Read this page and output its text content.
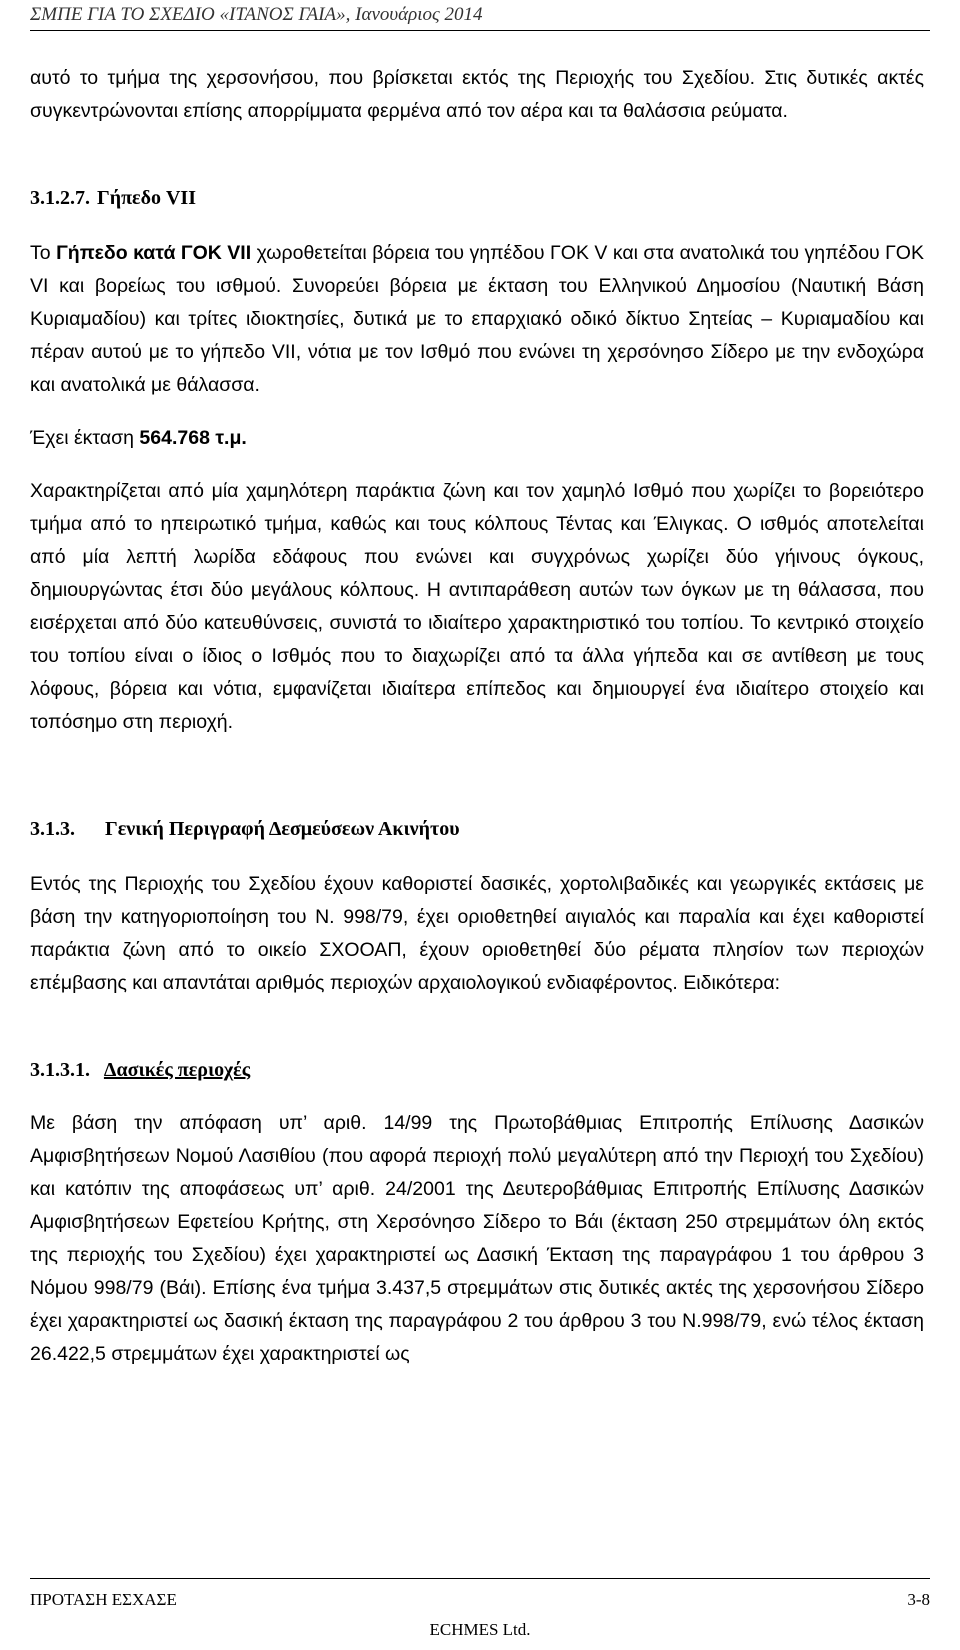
ΣΜΠΕ ΓΙΑ ΤΟ ΣΧΕΔΙΟ «ΙΤΑΝΟΣ ΓΑΙΑ», Ιανουάριος 2014

αυτό το τμήμα της χερσονήσου, που βρίσκεται εκτός της Περιοχής του Σχεδίου. Στις δυτικές ακτές συγκεντρώνονται επίσης απορρίμματα φερμένα από τον αέρα και τα θαλάσσια ρεύματα.

3.1.2.7. Γήπεδο VII

Το Γήπεδο κατά ΓΟΚ VII χωροθετείται βόρεια του γηπέδου ΓΟΚ V και στα ανατολικά του γηπέδου ΓΟΚ VI και βορείως του ισθμού. Συνορεύει βόρεια με έκταση του Ελληνικού Δημοσίου (Ναυτική Βάση Κυριαμαδίου) και τρίτες ιδιοκτησίες, δυτικά με το επαρχιακό οδικό δίκτυο Σητείας – Κυριαμαδίου και πέραν αυτού με το γήπεδο VII, νότια με τον Ισθμό που ενώνει τη χερσόνησο Σίδερο με την ενδοχώρα και ανατολικά με θάλασσα.

Έχει έκταση 564.768 τ.μ.

Χαρακτηρίζεται από μία χαμηλότερη παράκτια ζώνη και τον χαμηλό Ισθμό που χωρίζει το βορειότερο τμήμα από το ηπειρωτικό τμήμα, καθώς και τους κόλπους Τέντας και Έλιγκας. Ο ισθμός αποτελείται από μία λεπτή λωρίδα εδάφους που ενώνει και συγχρόνως χωρίζει δύο γήινους όγκους, δημιουργώντας έτσι δύο μεγάλους κόλπους. Η αντιπαράθεση αυτών των όγκων με τη θάλασσα, που εισέρχεται από δύο κατευθύνσεις, συνιστά το ιδιαίτερο χαρακτηριστικό του τοπίου. Το κεντρικό στοιχείο του τοπίου είναι ο ίδιος ο Ισθμός που το διαχωρίζει από τα άλλα γήπεδα και σε αντίθεση με τους λόφους, βόρεια και νότια, εμφανίζεται ιδιαίτερα επίπεδος και δημιουργεί ένα ιδιαίτερο στοιχείο και τοπόσημο στη περιοχή.

3.1.3. Γενική Περιγραφή Δεσμεύσεων Ακινήτου

Εντός της Περιοχής του Σχεδίου έχουν καθοριστεί δασικές, χορτολιβαδικές και γεωργικές εκτάσεις με βάση την κατηγοριοποίηση του Ν. 998/79, έχει οριοθετηθεί αιγιαλός και παραλία και έχει καθοριστεί παράκτια ζώνη από το οικείο ΣΧΟΟΑΠ, έχουν οριοθετηθεί δύο ρέματα πλησίον των περιοχών επέμβασης και απαντάται αριθμός περιοχών αρχαιολογικού ενδιαφέροντος. Ειδικότερα:

3.1.3.1. Δασικές περιοχές

Με βάση την απόφαση υπ’ αριθ. 14/99 της Πρωτοβάθμιας Επιτροπής Επίλυσης Δασικών Αμφισβητήσεων Νομού Λασιθίου (που αφορά περιοχή πολύ μεγαλύτερη από την Περιοχή του Σχεδίου) και κατόπιν της αποφάσεως υπ’ αριθ. 24/2001 της Δευτεροβάθμιας Επιτροπής Επίλυσης Δασικών Αμφισβητήσεων Εφετείου Κρήτης, στη Χερσόνησο Σίδερο το Βάι (έκταση 250 στρεμμάτων όλη εκτός της περιοχής του Σχεδίου) έχει χαρακτηριστεί ως Δασική Έκταση της παραγράφου 1 του άρθρου 3 Νόμου 998/79 (Βάι). Επίσης ένα τμήμα 3.437,5 στρεμμάτων στις δυτικές ακτές της χερσονήσου Σίδερο έχει χαρακτηριστεί ως δασική έκταση της παραγράφου 2 του άρθρου 3 του Ν.998/79, ενώ τέλος έκταση 26.422,5 στρεμμάτων έχει χαρακτηριστεί ως

ΠΡΟΤΑΣΗ ΕΣΧΑΣΕ	3-8
ECHMES Ltd.
